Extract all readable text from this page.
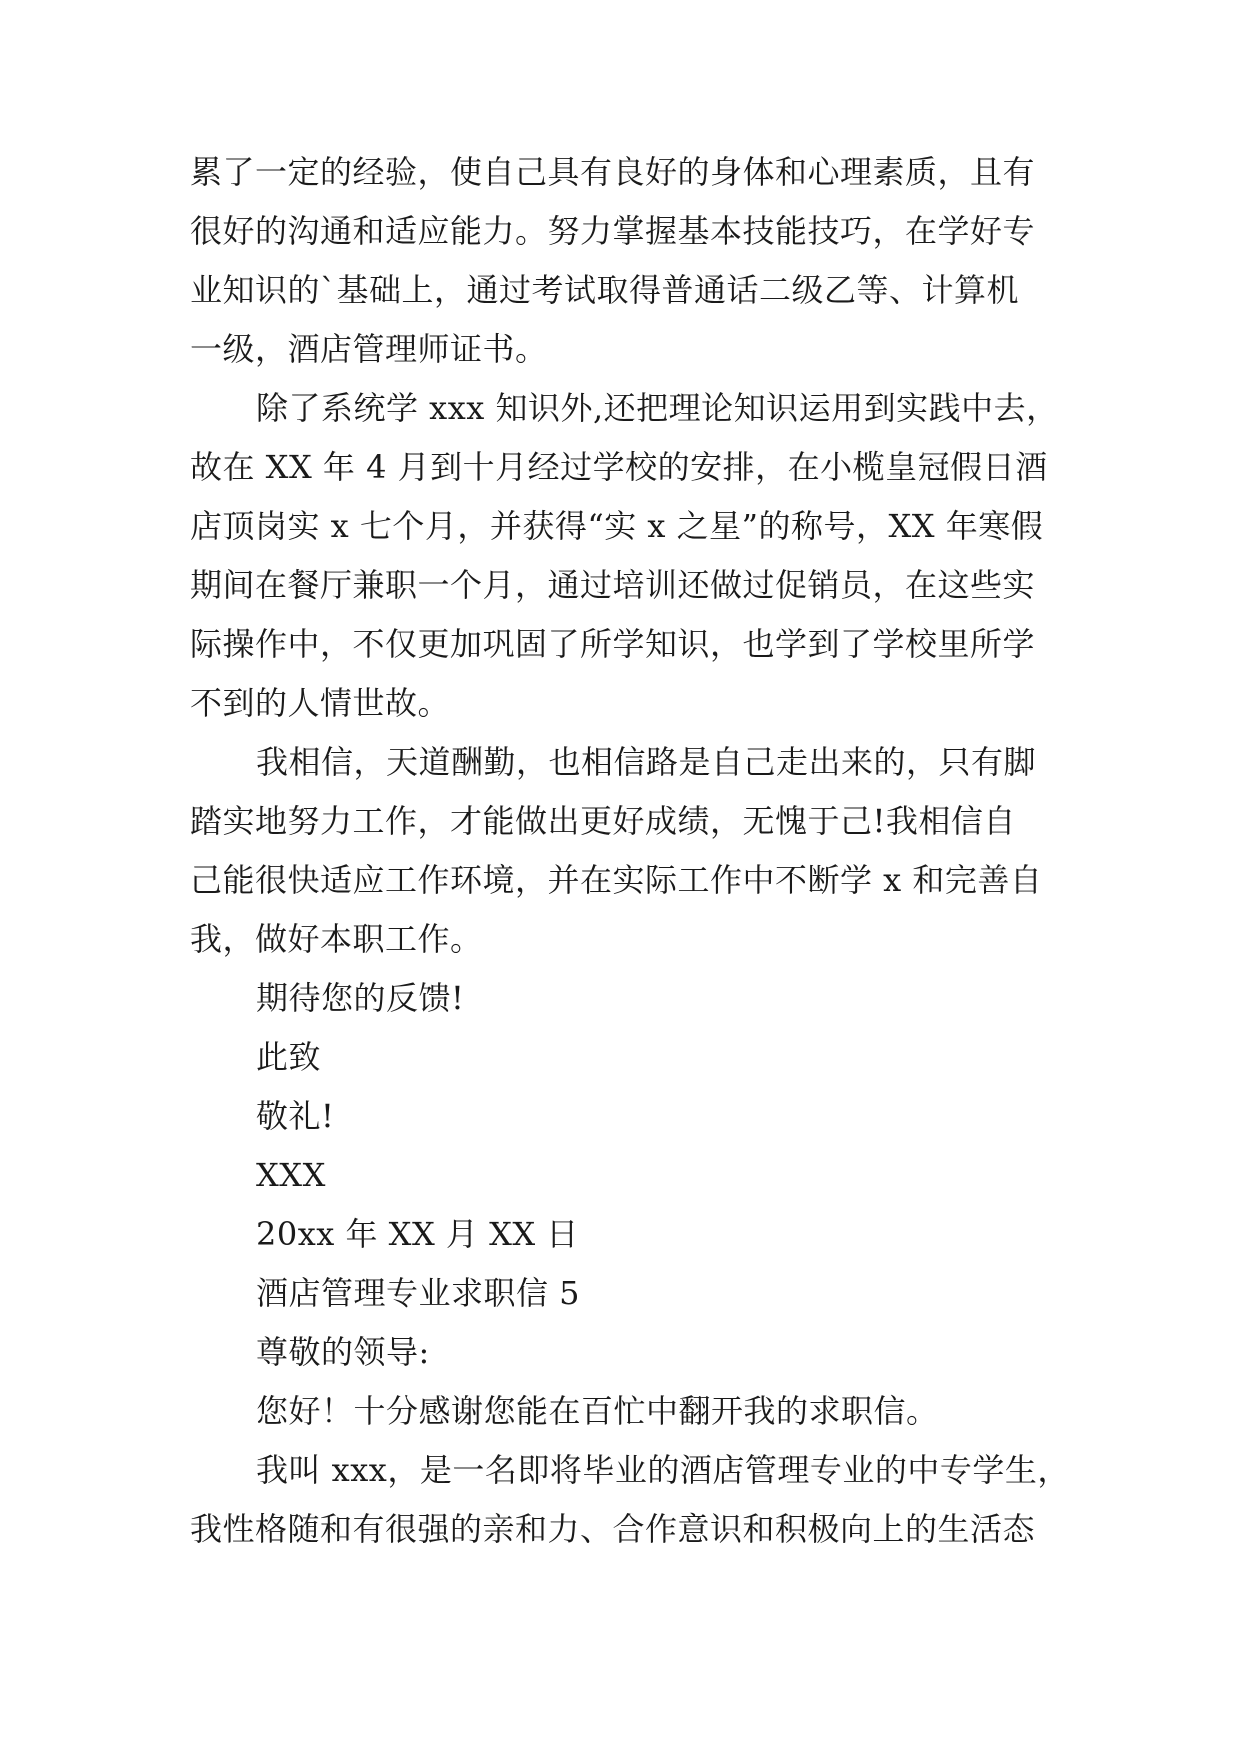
累了一定的经验，使自己具有良好的身体和心理素质，且有
很好的沟通和适应能力。努力掌握基本技能技巧，在学好专
业知识的`基础上，通过考试取得普通话二级乙等、计算机
一级，酒店管理师证书。
除了系统学 xxx 知识外,还把理论知识运用到实践中去，
故在 XX 年 4 月到十月经过学校的安排，在小榄皇冠假日酒
店顶岗实 x 七个月，并获得“实 x 之星”的称号，XX 年寒假
期间在餐厅兼职一个月，通过培训还做过促销员，在这些实
际操作中，不仅更加巩固了所学知识，也学到了学校里所学
不到的人情世故。
我相信，天道酬勤，也相信路是自己走出来的，只有脚
踏实地努力工作，才能做出更好成绩，无愧于己!我相信自
己能很快适应工作环境，并在实际工作中不断学 x 和完善自
我，做好本职工作。
期待您的反馈!
此致
敬礼!
XXX
20xx 年 XX 月 XX 日
酒店管理专业求职信 5
尊敬的领导:
您好！十分感谢您能在百忙中翻开我的求职信。
我叫 xxx，是一名即将毕业的酒店管理专业的中专学生，
我性格随和有很强的亲和力、合作意识和积极向上的生活态
